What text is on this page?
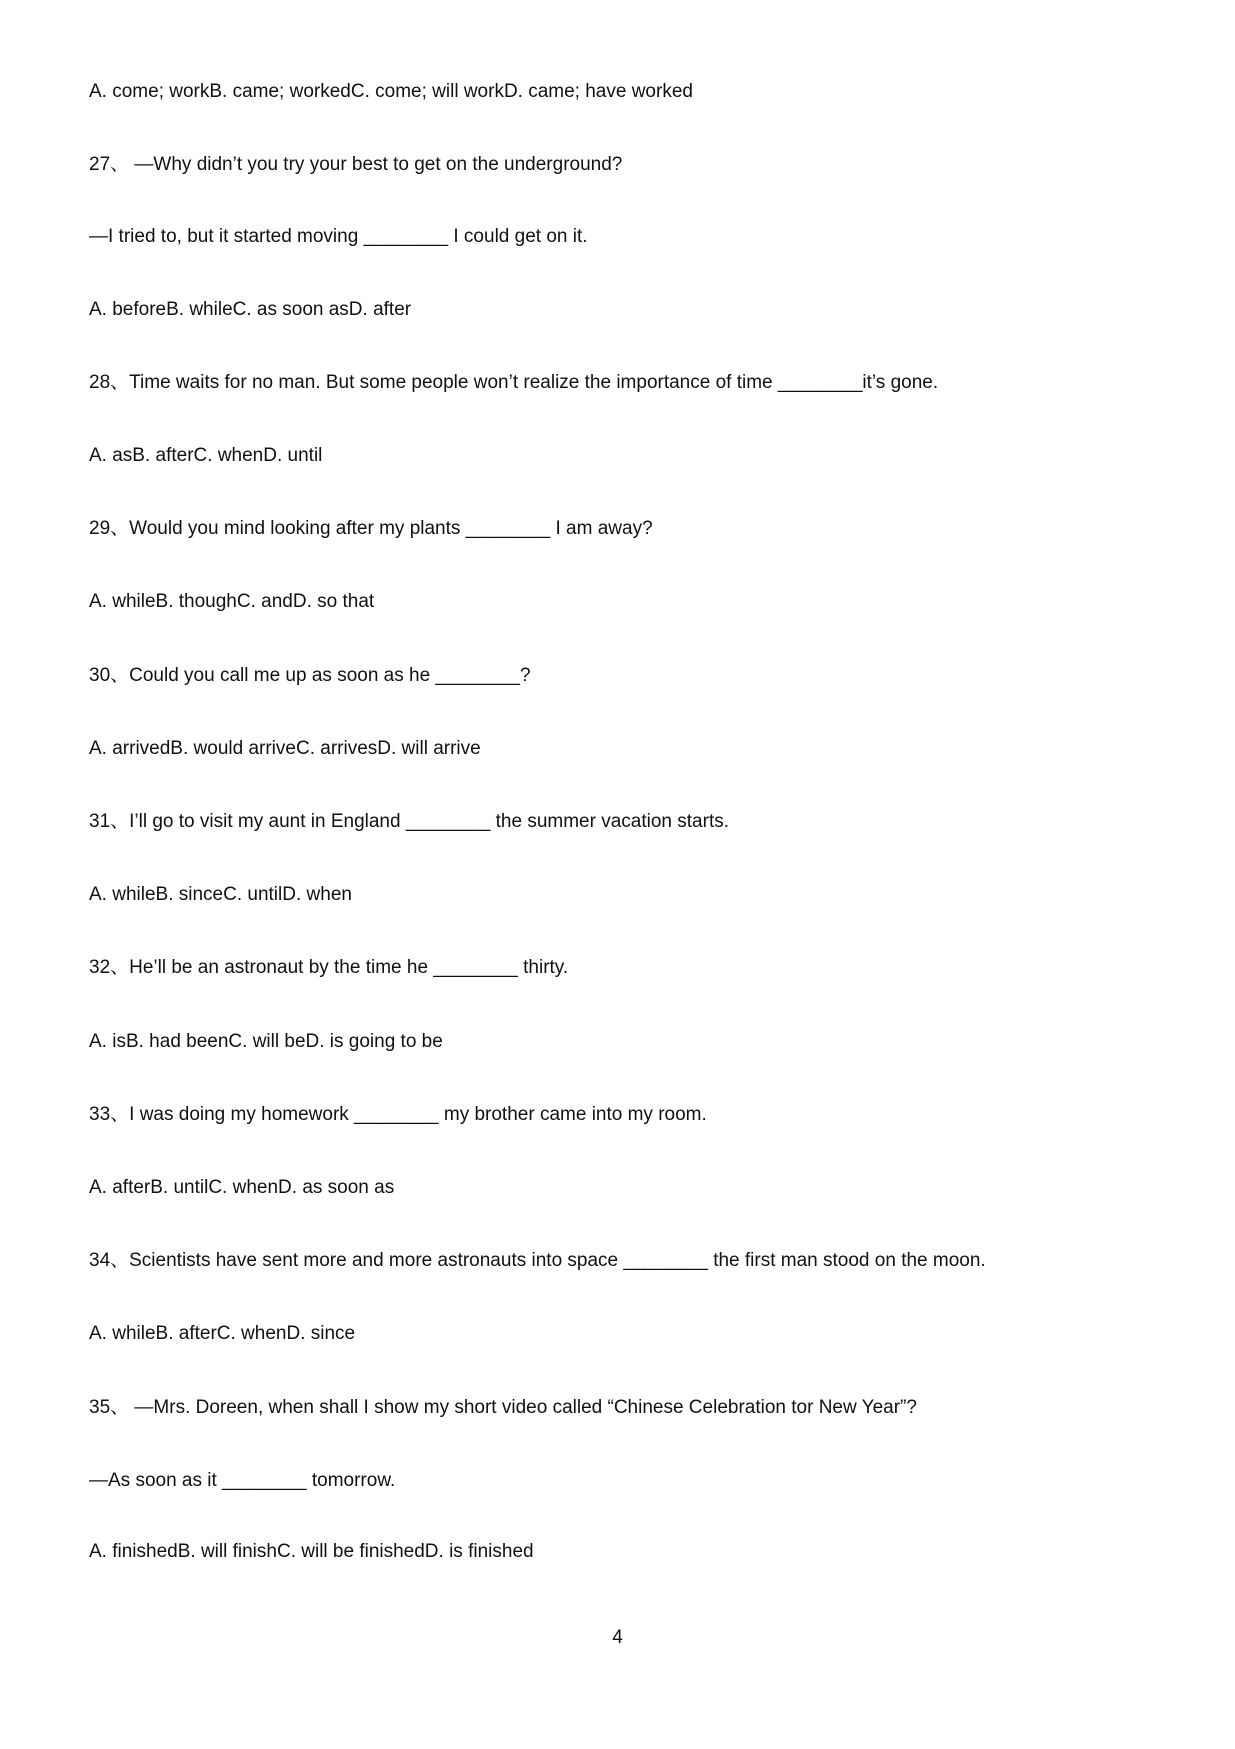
A. come; workB. came; workedC. come; will workD. came; have worked
27、 —Why didn’t you try your best to get on the underground?
—I tried to, but it started moving ________ I could get on it.
A. beforeB. whileC. as soon asD. after
28、Time waits for no man. But some people won’t realize the importance of time ________it’s gone.
A. asB. afterC. whenD. until
29、Would you mind looking after my plants ________ I am away?
A. whileB. thoughC. andD. so that
30、Could you call me up as soon as he ________?
A. arrivedB. would arriveC. arrivesD. will arrive
31、I’ll go to visit my aunt in England ________ the summer vacation starts.
A. whileB. sinceC. untilD. when
32、He’ll be an astronaut by the time he ________ thirty.
A. isB. had beenC. will beD. is going to be
33、I was doing my homework ________ my brother came into my room.
A. afterB. untilC. whenD. as soon as
34、Scientists have sent more and more astronauts into space ________ the first man stood on the moon.
A. whileB. afterC. whenD. since
35、 —Mrs. Doreen, when shall I show my short video called “Chinese Celebration tor New Year”?
—As soon as it ________ tomorrow.
A. finishedB. will finishC. will be finishedD. is finished
4
